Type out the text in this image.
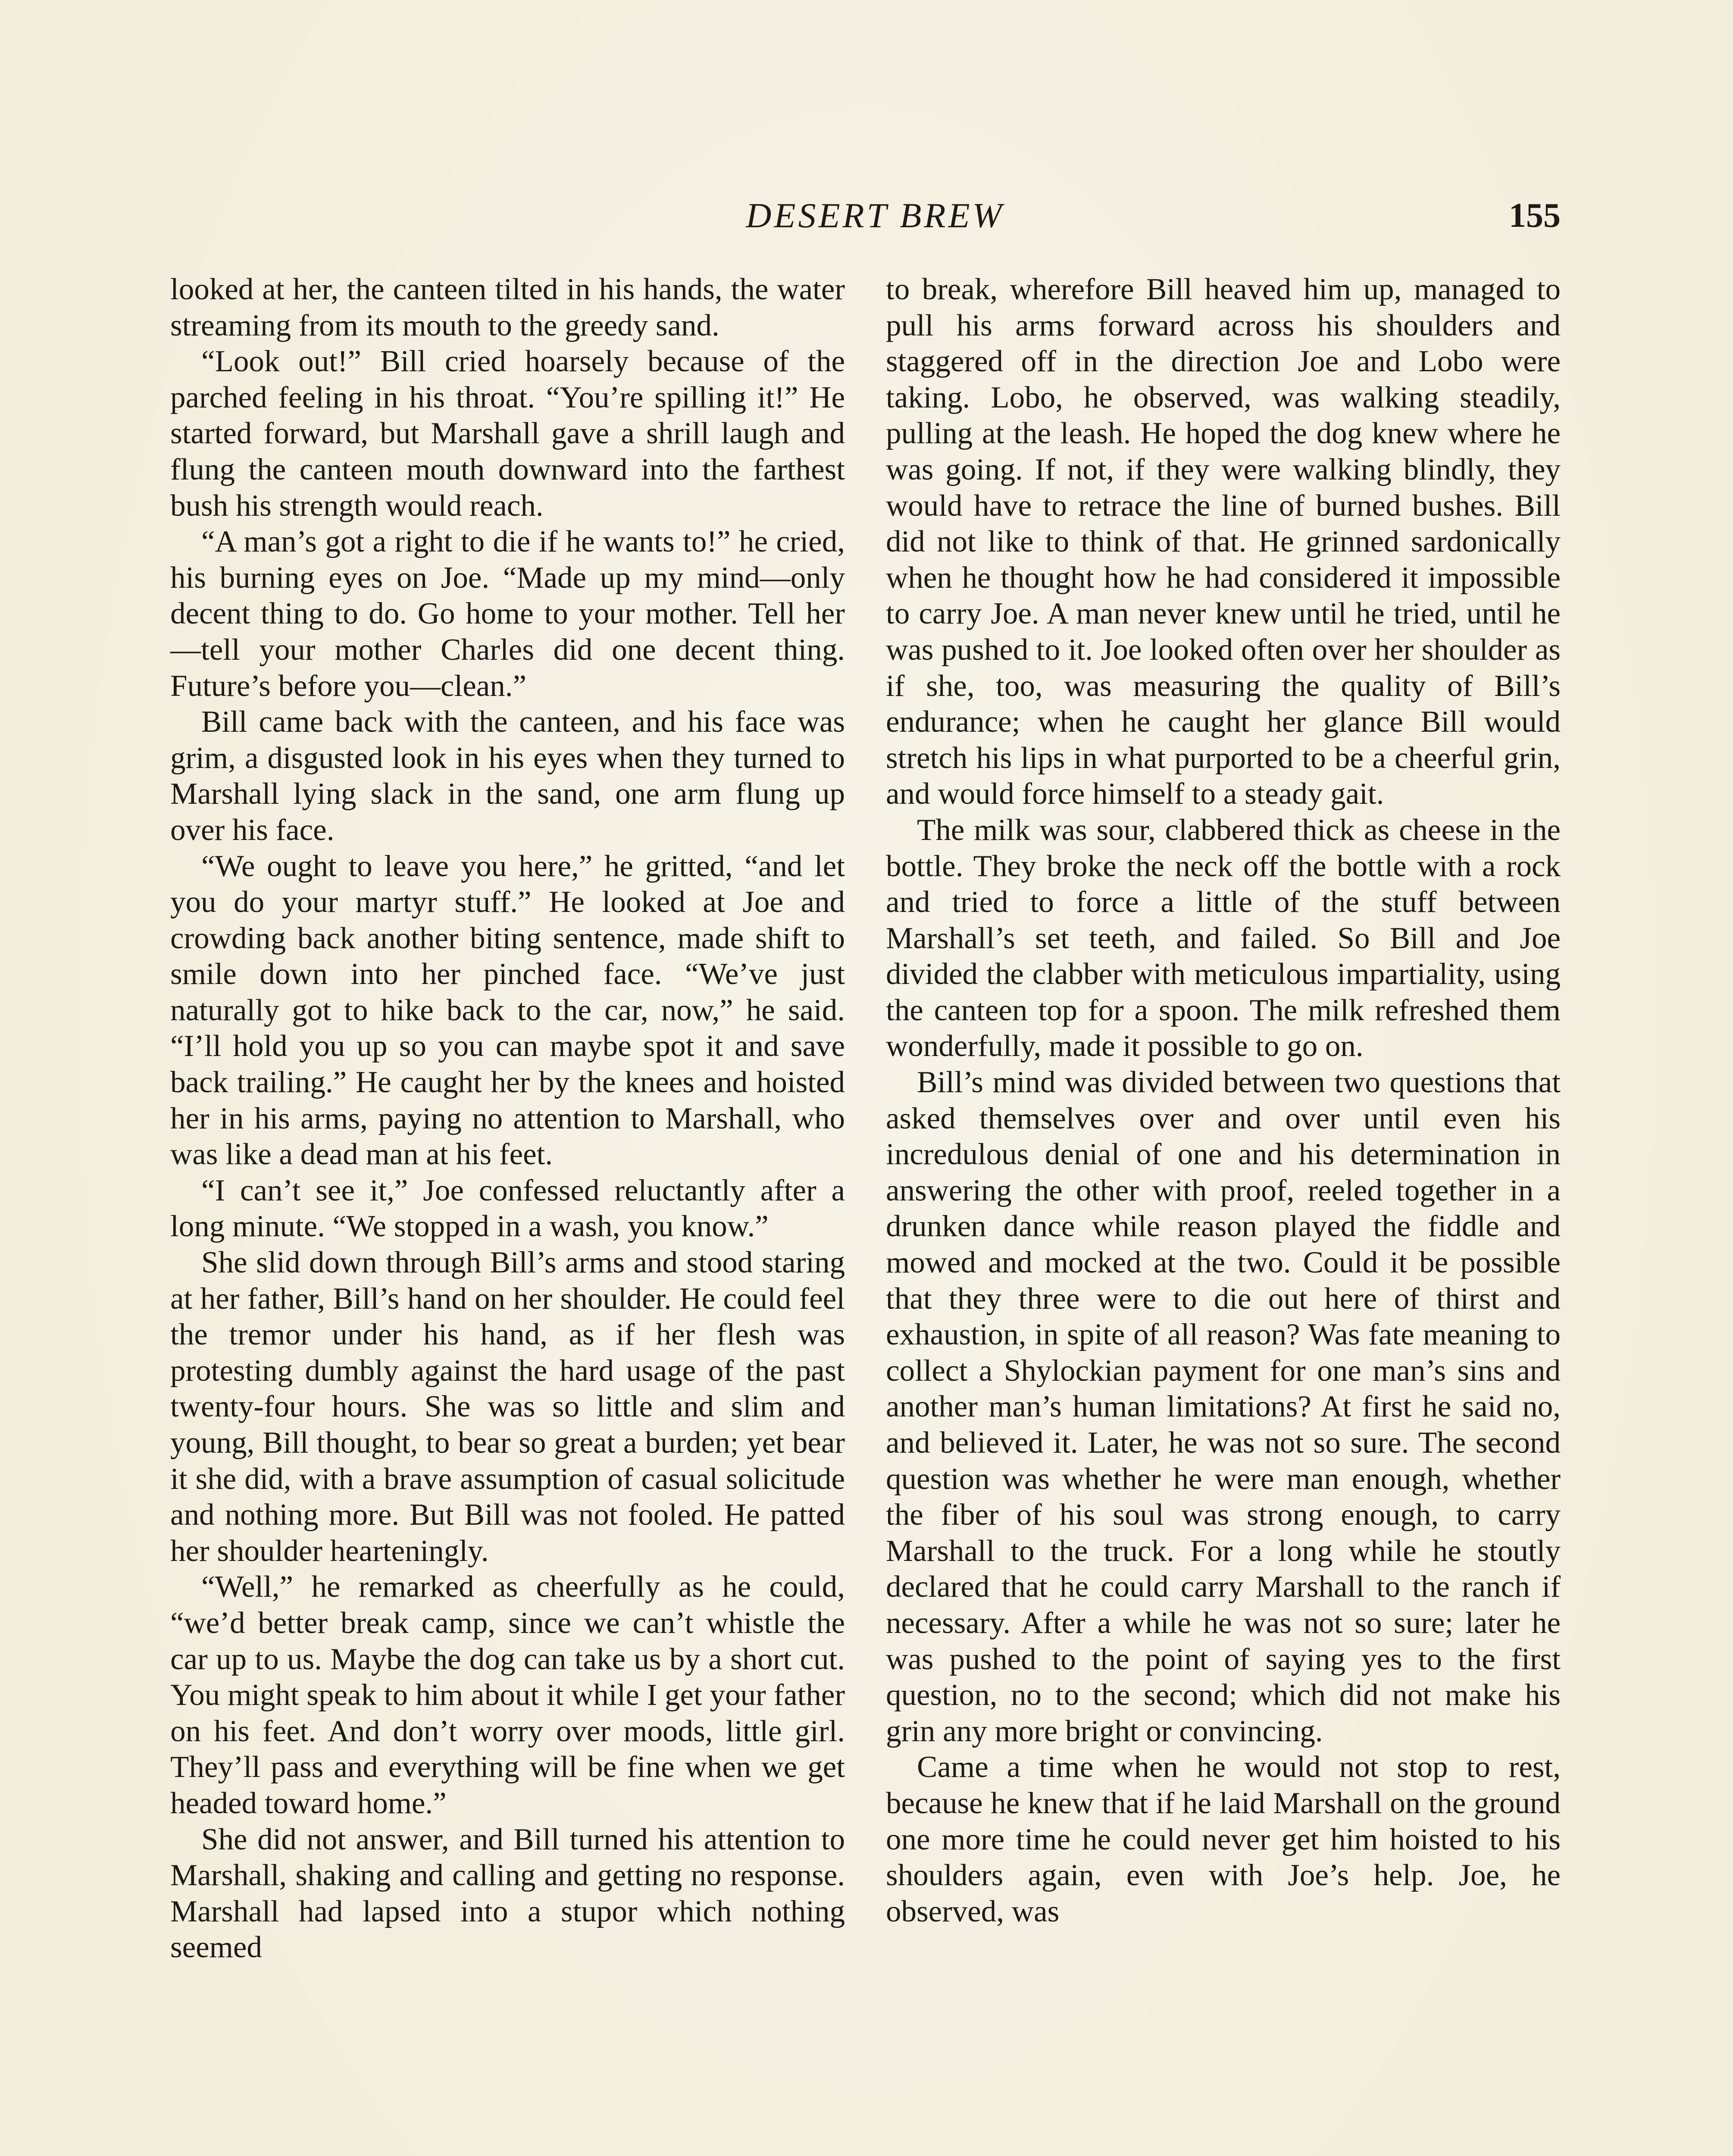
DESERT BREW	155

looked at her, the canteen tilted in his hands, the water streaming from its mouth to the greedy sand.

“Look out!” Bill cried hoarsely because of the parched feeling in his throat. “You’re spilling it!” He started forward, but Marshall gave a shrill laugh and flung the canteen mouth downward into the farthest bush his strength would reach.

“A man’s got a right to die if he wants to!” he cried, his burning eyes on Joe. “Made up my mind—only decent thing to do. Go home to your mother. Tell her —tell your mother Charles did one decent thing. Future’s before you—clean.”

Bill came back with the canteen, and his face was grim, a disgusted look in his eyes when they turned to Marshall lying slack in the sand, one arm flung up over his face.

“We ought to leave you here,” he gritted, “and let you do your martyr stuff.” He looked at Joe and crowding back another biting sentence, made shift to smile down into her pinched face. “We’ve just naturally got to hike back to the car, now,” he said. “I’ll hold you up so you can maybe spot it and save back trailing.” He caught her by the knees and hoisted her in his arms, paying no attention to Marshall, who was like a dead man at his feet.

“I can’t see it,” Joe confessed reluctantly after a long minute. “We stopped in a wash, you know.”

She slid down through Bill’s arms and stood staring at her father, Bill’s hand on her shoulder. He could feel the tremor under his hand, as if her flesh was protesting dumbly against the hard usage of the past twenty-four hours. She was so little and slim and young, Bill thought, to bear so great a burden; yet bear it she did, with a brave assumption of casual solicitude and nothing more. But Bill was not fooled. He patted her shoulder hearteningly.

“Well,” he remarked as cheerfully as he could, “we’d better break camp, since we can’t whistle the car up to us. Maybe the dog can take us by a short cut. You might speak to him about it while I get your father on his feet. And don’t worry over moods, little girl. They’ll pass and everything will be fine when we get headed toward home.”

She did not answer, and Bill turned his attention to Marshall, shaking and calling and getting no response. Marshall had lapsed into a stupor which nothing seemed

to break, wherefore Bill heaved him up, managed to pull his arms forward across his shoulders and staggered off in the direction Joe and Lobo were taking. Lobo, he observed, was walking steadily, pulling at the leash. He hoped the dog knew where he was going. If not, if they were walking blindly, they would have to retrace the line of burned bushes. Bill did not like to think of that. He grinned sardonically when he thought how he had considered it impossible to carry Joe. A man never knew until he tried, until he was pushed to it. Joe looked often over her shoulder as if she, too, was measuring the quality of Bill’s endurance; when he caught her glance Bill would stretch his lips in what purported to be a cheerful grin, and would force himself to a steady gait.

The milk was sour, clabbered thick as cheese in the bottle. They broke the neck off the bottle with a rock and tried to force a little of the stuff between Marshall’s set teeth, and failed. So Bill and Joe divided the clabber with meticulous impartiality, using the canteen top for a spoon. The milk refreshed them wonderfully, made it possible to go on.

Bill’s mind was divided between two questions that asked themselves over and over until even his incredulous denial of one and his determination in answering the other with proof, reeled together in a drunken dance while reason played the fiddle and mowed and mocked at the two. Could it be possible that they three were to die out here of thirst and exhaustion, in spite of all reason? Was fate meaning to collect a Shylockian payment for one man’s sins and another man’s human limitations? At first he said no, and believed it. Later, he was not so sure. The second question was whether he were man enough, whether the fiber of his soul was strong enough, to carry Marshall to the truck. For a long while he stoutly declared that he could carry Marshall to the ranch if necessary. After a while he was not so sure; later he was pushed to the point of saying yes to the first question, no to the second; which did not make his grin any more bright or convincing.

Came a time when he would not stop to rest, because he knew that if he laid Marshall on the ground one more time he could never get him hoisted to his shoulders again, even with Joe’s help. Joe, he observed, was
